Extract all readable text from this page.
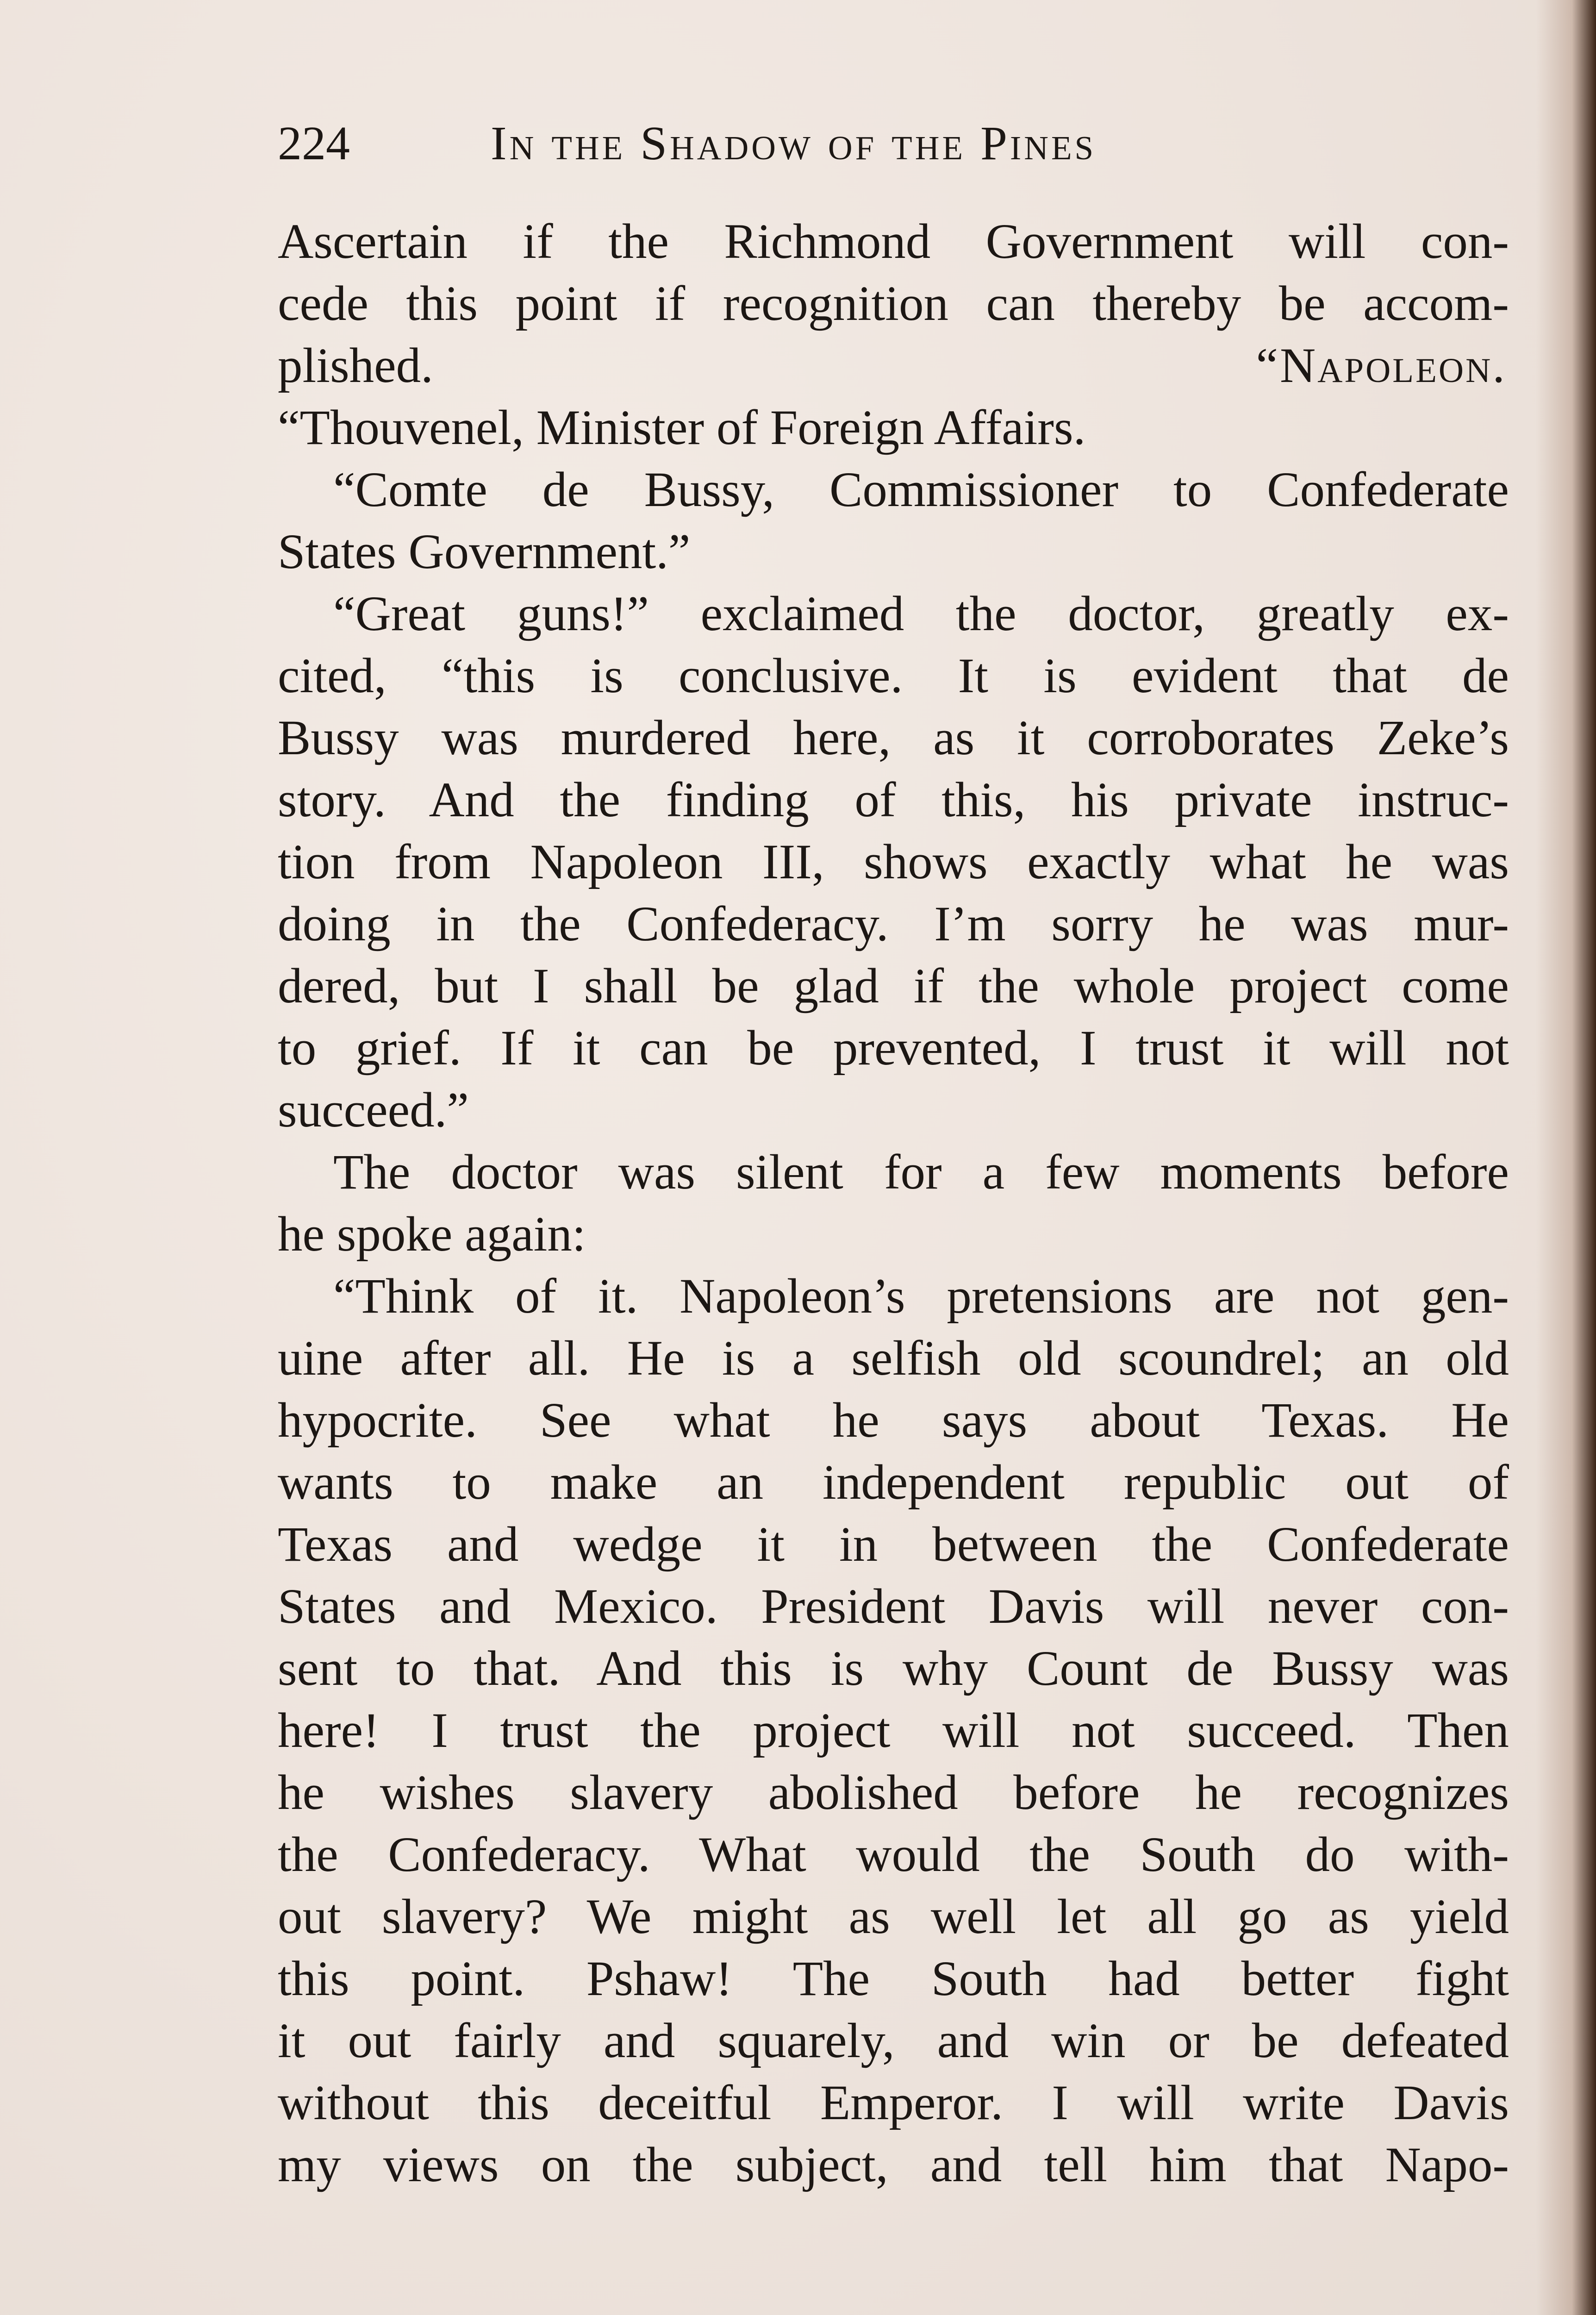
224	In the Shadow of the Pines
Ascertain if the Richmond Government will con-
cede this point if recognition can thereby be accom-
plished.	“Napoleon.
“Thouvenel, Minister of Foreign Affairs.
“Comte de Bussy, Commissioner to Confederate
States Government.”
“Great guns!” exclaimed the doctor, greatly ex-
cited, “this is conclusive. It is evident that de
Bussy was murdered here, as it corroborates Zeke’s
story. And the finding of this, his private instruc-
tion from Napoleon III, shows exactly what he was
doing in the Confederacy. I’m sorry he was mur-
dered, but I shall be glad if the whole project come
to grief. If it can be prevented, I trust it will not
succeed.”
The doctor was silent for a few moments before
he spoke again:
“Think of it. Napoleon’s pretensions are not gen-
uine after all. He is a selfish old scoundrel; an old
hypocrite. See what he says about Texas. He
wants to make an independent republic out of
Texas and wedge it in between the Confederate
States and Mexico. President Davis will never con-
sent to that. And this is why Count de Bussy was
here! I trust the project will not succeed. Then
he wishes slavery abolished before he recognizes
the Confederacy. What would the South do with-
out slavery? We might as well let all go as yield
this point. Pshaw! The South had better fight
it out fairly and squarely, and win or be defeated
without this deceitful Emperor. I will write Davis
my views on the subject, and tell him that Napo-
